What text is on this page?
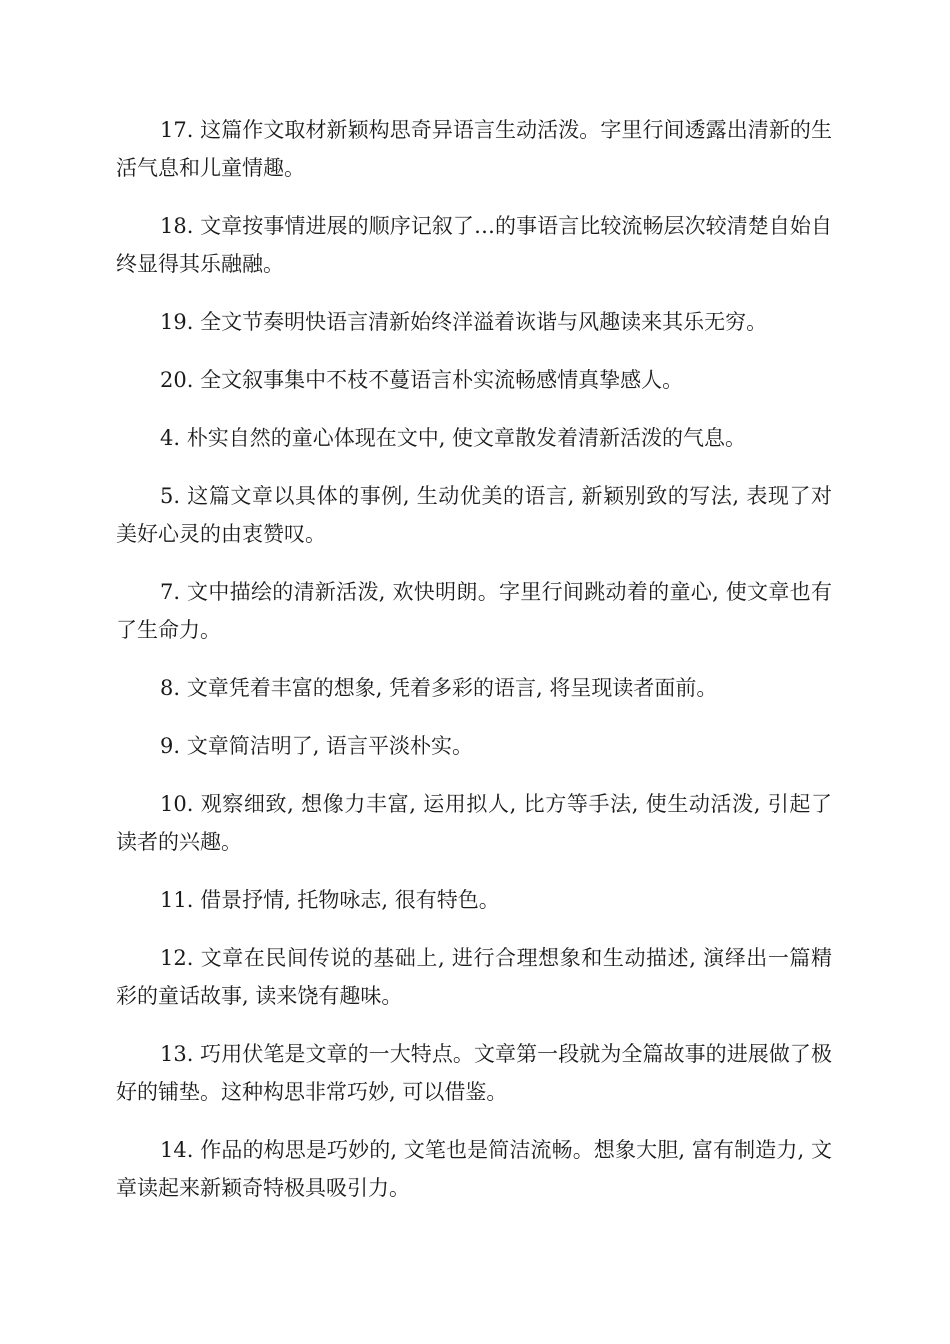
17. 这篇作文取材新颖构思奇异语言生动活泼。字里行间透露出清新的生活气息和儿童情趣。

18. 文章按事情进展的顺序记叙了…的事语言比较流畅层次较清楚自始自终显得其乐融融。

19. 全文节奏明快语言清新始终洋溢着诙谐与风趣读来其乐无穷。

20. 全文叙事集中不枝不蔓语言朴实流畅感情真挚感人。

4. 朴实自然的童心体现在文中, 使文章散发着清新活泼的气息。

5. 这篇文章以具体的事例, 生动优美的语言, 新颖别致的写法, 表现了对美好心灵的由衷赞叹。

7. 文中描绘的清新活泼, 欢快明朗。字里行间跳动着的童心, 使文章也有了生命力。

8. 文章凭着丰富的想象, 凭着多彩的语言, 将呈现读者面前。

9. 文章简洁明了, 语言平淡朴实。

10. 观察细致, 想像力丰富, 运用拟人, 比方等手法, 使生动活泼, 引起了读者的兴趣。

11. 借景抒情, 托物咏志, 很有特色。

12. 文章在民间传说的基础上, 进行合理想象和生动描述, 演绎出一篇精彩的童话故事, 读来饶有趣味。

13. 巧用伏笔是文章的一大特点。文章第一段就为全篇故事的进展做了极好的铺垫。这种构思非常巧妙, 可以借鉴。

14. 作品的构思是巧妙的, 文笔也是简洁流畅。想象大胆, 富有制造力, 文章读起来新颖奇特极具吸引力。
